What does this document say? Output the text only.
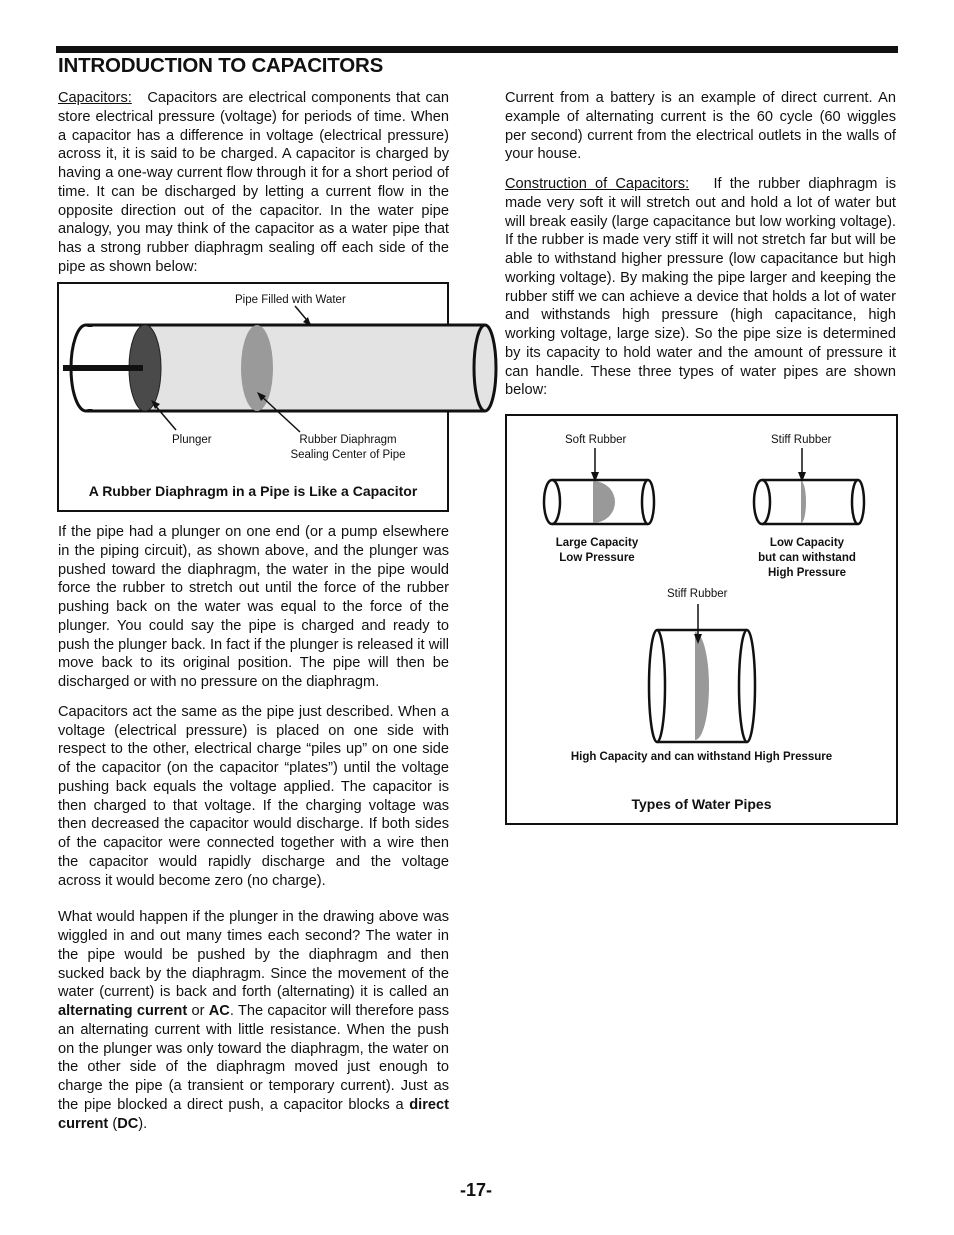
INTRODUCTION TO CAPACITORS

Capacitors: Capacitors are electrical components that can store electrical pressure (voltage) for periods of time. When a capacitor has a difference in voltage (electrical pressure) across it, it is said to be charged. A capacitor is charged by having a one-way current flow through it for a short period of time. It can be discharged by letting a current flow in the opposite direction out of the capacitor. In the water pipe analogy, you may think of the capacitor as a water pipe that has a strong rubber diaphragm sealing off each side of the pipe as shown below:

Pipe Filled with Water
Plunger	Rubber Diaphragm
Sealing Center of Pipe
A Rubber Diaphragm in a Pipe is Like a Capacitor

If the pipe had a plunger on one end (or a pump elsewhere in the piping circuit), as shown above, and the plunger was pushed toward the diaphragm, the water in the pipe would force the rubber to stretch out until the force of the rubber pushing back on the water was equal to the force of the plunger. You could say the pipe is charged and ready to push the plunger back. In fact if the plunger is released it will move back to its original position. The pipe will then be discharged or with no pressure on the diaphragm.

Capacitors act the same as the pipe just described. When a voltage (electrical pressure) is placed on one side with respect to the other, electrical charge “piles up” on one side of the capacitor (on the capacitor “plates”) until the voltage pushing back equals the voltage applied. The capacitor is then charged to that voltage. If the charging voltage was then decreased the capacitor would discharge. If both sides of the capacitor were connected together with a wire then the capacitor would rapidly discharge and the voltage across it would become zero (no charge).

What would happen if the plunger in the drawing above was wiggled in and out many times each second? The water in the pipe would be pushed by the diaphragm and then sucked back by the diaphragm. Since the movement of the water (current) is back and forth (alternating) it is called an alternating current or AC. The capacitor will therefore pass an alternating current with little resistance. When the push on the plunger was only toward the diaphragm, the water on the other side of the diaphragm moved just enough to charge the pipe (a transient or temporary current). Just as the pipe blocked a direct push, a capacitor blocks a direct current (DC).

Current from a battery is an example of direct current. An example of alternating current is the 60 cycle (60 wiggles per second) current from the electrical outlets in the walls of your house.

Construction of Capacitors: If the rubber diaphragm is made very soft it will stretch out and hold a lot of water but will break easily (large capacitance but low working voltage). If the rubber is made very stiff it will not stretch far but will be able to withstand higher pressure (low capacitance but high working voltage). By making the pipe larger and keeping the rubber stiff we can achieve a device that holds a lot of water and withstands high pressure (high capacitance, high working voltage, large size). So the pipe size is determined by its capacity to hold water and the amount of pressure it can handle. These three types of water pipes are shown below:

Soft Rubber	Stiff Rubber
Large Capacity
Low Pressure
Low Capacity
but can withstand
High Pressure
Stiff Rubber
High Capacity and can withstand High Pressure
Types of Water Pipes
-17-
